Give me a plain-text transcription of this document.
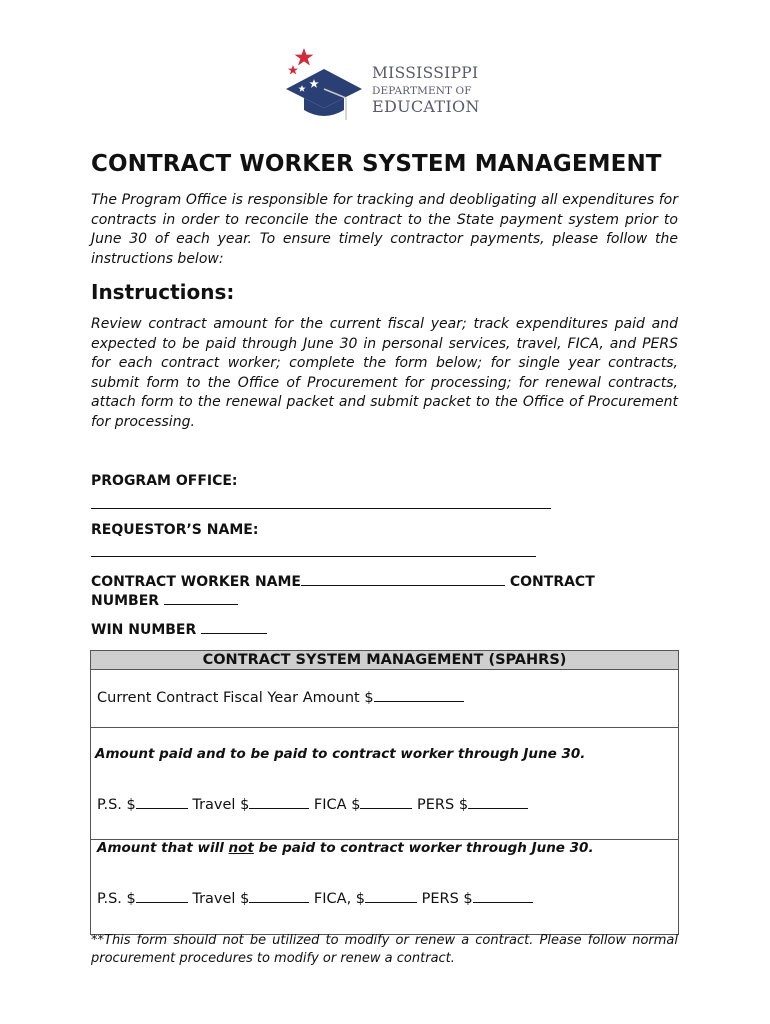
MISSISSIPPI
DEPARTMENT OF
EDUCATION
CONTRACT WORKER SYSTEM MANAGEMENT

The Program Office is responsible for tracking and deobligating all expenditures for contracts in order to reconcile the contract to the State payment system prior to June 30 of each year. To ensure timely contractor payments, please follow the instructions below:

Instructions:

Review contract amount for the current fiscal year; track expenditures paid and expected to be paid through June 30 in personal services, travel, FICA, and PERS for each contract worker; complete the form below; for single year contracts, submit form to the Office of Procurement for processing; for renewal contracts, attach form to the renewal packet and submit packet to the Office of Procurement for processing.

PROGRAM OFFICE:
REQUESTOR’S NAME:
CONTRACT WORKER NAME	CONTRACT
NUMBER
WIN NUMBER
CONTRACT SYSTEM MANAGEMENT (SPAHRS)

Current Contract Fiscal Year Amount $

Amount paid and to be paid to contract worker through June 30.
P.S. $	Travel $	FICA $	PERS $

Amount that will not be paid to contract worker through June 30.
P.S. $	Travel $	FICA, $	PERS $

**This form should not be utilized to modify or renew a contract. Please follow normal procurement procedures to modify or renew a contract.
